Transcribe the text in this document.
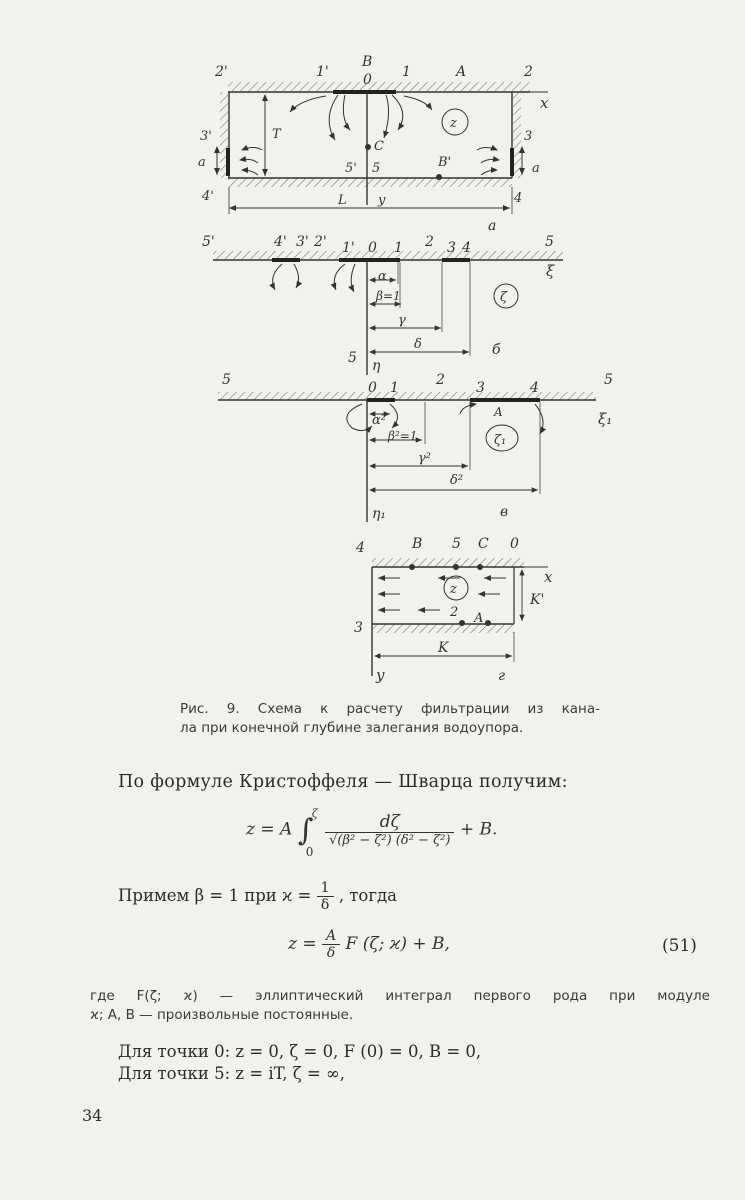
2'	1'
B
0 1	A	2
x
z
T
C
5' 5	B'
3'	3
a	a
4'	4
L y
a
5'	4' 3' 2' 1' 0 1 2 3 4	5
ξ
ζ
α
β=1
γ
δ
5 η
б
5	0 1	2 3	4	5
ξ₁
ζ₁
A
α²
β²=1
γ²
δ²
η₁	в
4	B 5 C 0
x
z
K'
2 A
3
K
y	г
Рис. 9. Схема к расчету фильтрации из кана-
ла при конечной глубине залегания водоупора.
По формуле Кристоффеля — Шварца получим:
z = A ∫
ζ
0

$\frac{d\zeta}{\text{√(β² − ζ²) (δ² − ζ²)}} + B$.
Примем β = 1 при $ϰ = \frac{1}{\delta}$ , тогда
$z = \frac{A}{\delta}$ F (ζ; ϰ) + B,	(51)
где F(ζ; ϰ) — эллиптический интеграл первого рода при модуле
ϰ; A, B — произвольные постоянные.
Для точки 0: z = 0, ζ = 0, F (0) = 0, B = 0,
Для точки 5: z = iT, ζ = ∞,
34
